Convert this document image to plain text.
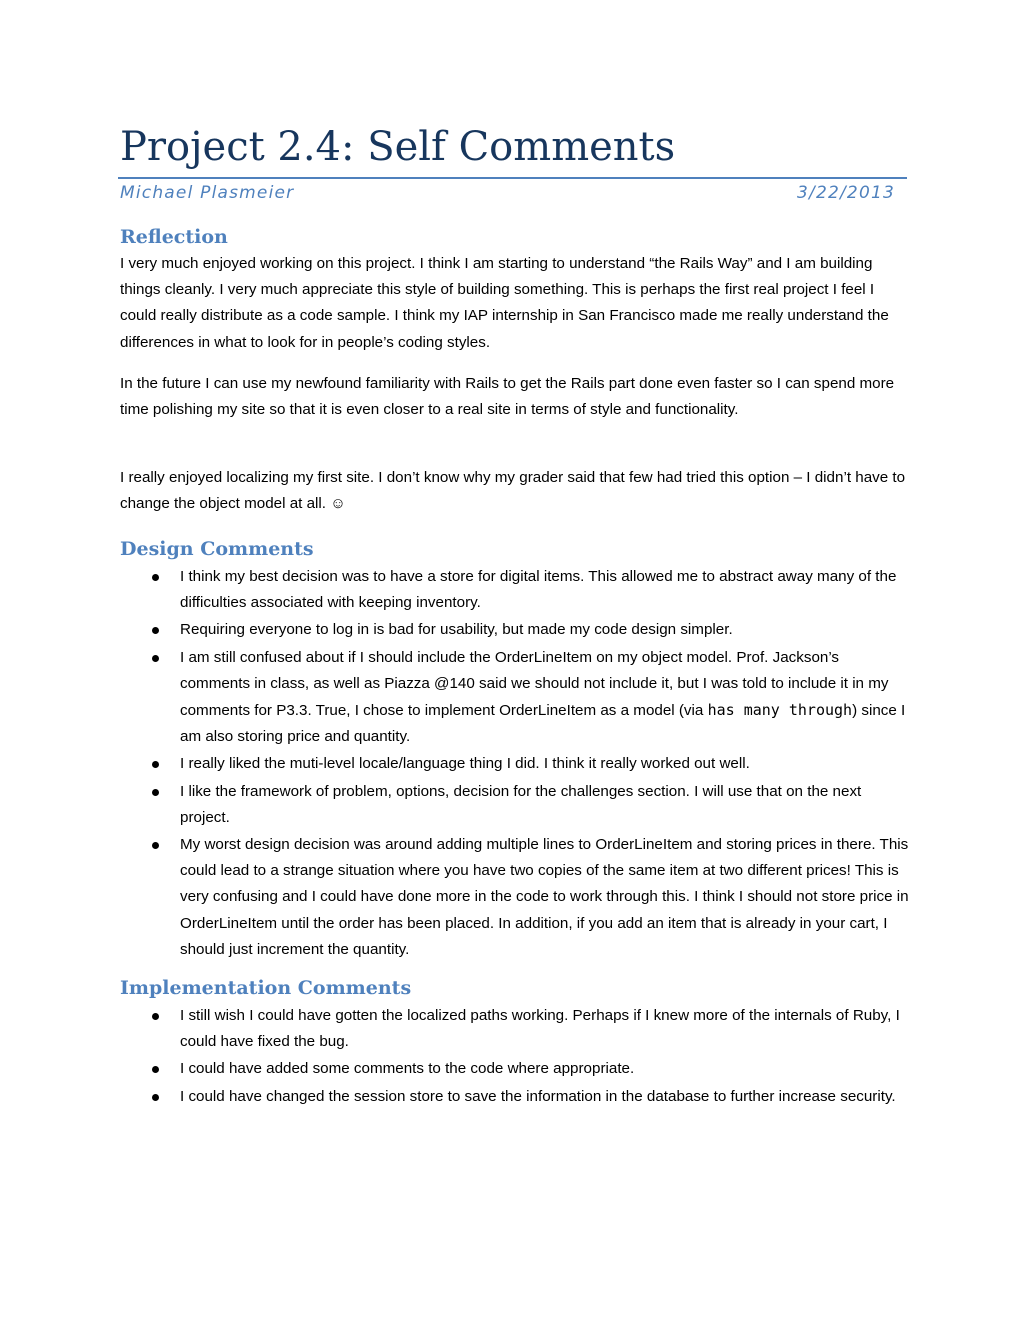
Project 2.4: Self Comments
Michael Plasmeier	3/22/2013
Reflection

I very much enjoyed working on this project. I think I am starting to understand “the Rails Way” and I am building things cleanly. I very much appreciate this style of building something. This is perhaps the first real project I feel I could really distribute as a code sample. I think my IAP internship in San Francisco made me really understand the differences in what to look for in people’s coding styles.

In the future I can use my newfound familiarity with Rails to get the Rails part done even faster so I can spend more time polishing my site so that it is even closer to a real site in terms of style and functionality.

I really enjoyed localizing my first site. I don’t know why my grader said that few had tried this option – I didn’t have to change the object model at all. ☺

Design Comments
I think my best decision was to have a store for digital items. This allowed me to abstract away many of the difficulties associated with keeping inventory.
Requiring everyone to log in is bad for usability, but made my code design simpler.
I am still confused about if I should include the OrderLineItem on my object model. Prof. Jackson’s comments in class, as well as Piazza @140 said we should not include it, but I was told to include it in my comments for P3.3. True, I chose to implement OrderLineItem as a model (via has many through) since I am also storing price and quantity.
I really liked the muti-level locale/language thing I did. I think it really worked out well.
I like the framework of problem, options, decision for the challenges section. I will use that on the next project.
My worst design decision was around adding multiple lines to OrderLineItem and storing prices in there. This could lead to a strange situation where you have two copies of the same item at two different prices! This is very confusing and I could have done more in the code to work through this. I think I should not store price in OrderLineItem until the order has been placed. In addition, if you add an item that is already in your cart, I should just increment the quantity.
Implementation Comments
I still wish I could have gotten the localized paths working. Perhaps if I knew more of the internals of Ruby, I could have fixed the bug.
I could have added some comments to the code where appropriate.
I could have changed the session store to save the information in the database to further increase security.
